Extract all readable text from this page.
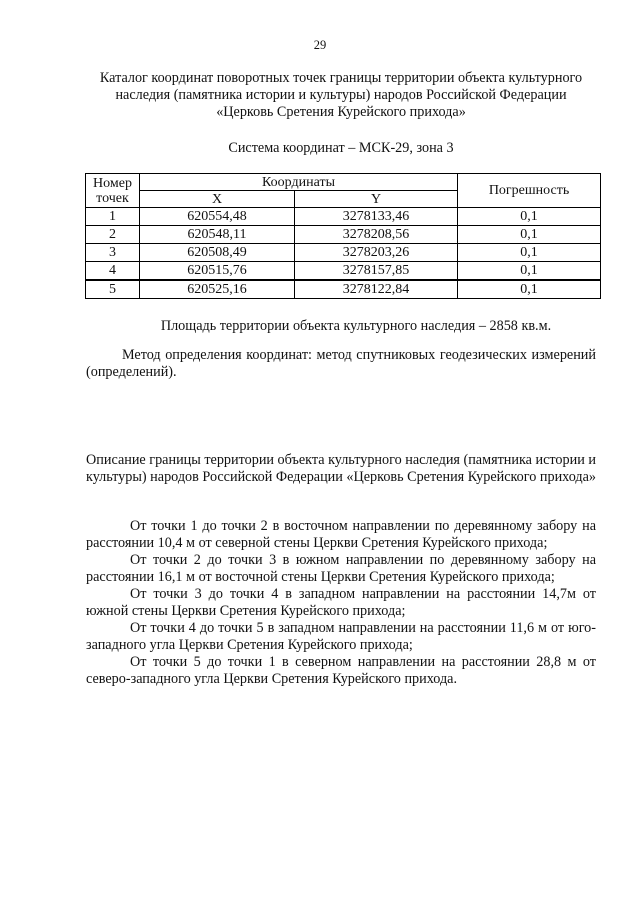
29
Каталог координат поворотных точек границы территории объекта культурного наследия (памятника истории и культуры) народов Российской Федерации «Церковь Сретения Курейского прихода»
Система координат – МСК-29, зона 3
Номер точек	Координаты		Погрешность
	X	Y	
1	620554,48	3278133,46	0,1
2	620548,11	3278208,56	0,1
3	620508,49	3278203,26	0,1
4	620515,76	3278157,85	0,1
5	620525,16	3278122,84	0,1
Площадь территории объекта культурного наследия – 2858 кв.м.

Метод определения координат: метод спутниковых геодезических измерений (определений).

Описание границы территории объекта культурного наследия (памятника истории и культуры) народов Российской Федерации «Церковь Сретения Курейского прихода»

От точки 1 до точки 2 в восточном направлении по деревянному забору на расстоянии 10,4 м от северной стены Церкви Сретения Курейского прихода;

От точки 2 до точки 3 в южном направлении по деревянному забору на расстоянии 16,1 м от восточной стены Церкви Сретения Курейского прихода;

От точки 3 до точки 4 в западном направлении на расстоянии 14,7м от южной стены Церкви Сретения Курейского прихода;

От точки 4 до точки 5 в западном направлении на расстоянии 11,6 м от юго-западного угла Церкви Сретения Курейского прихода;

От точки 5 до точки 1 в северном направлении на расстоянии 28,8 м от северо-западного угла Церкви Сретения Курейского прихода.
